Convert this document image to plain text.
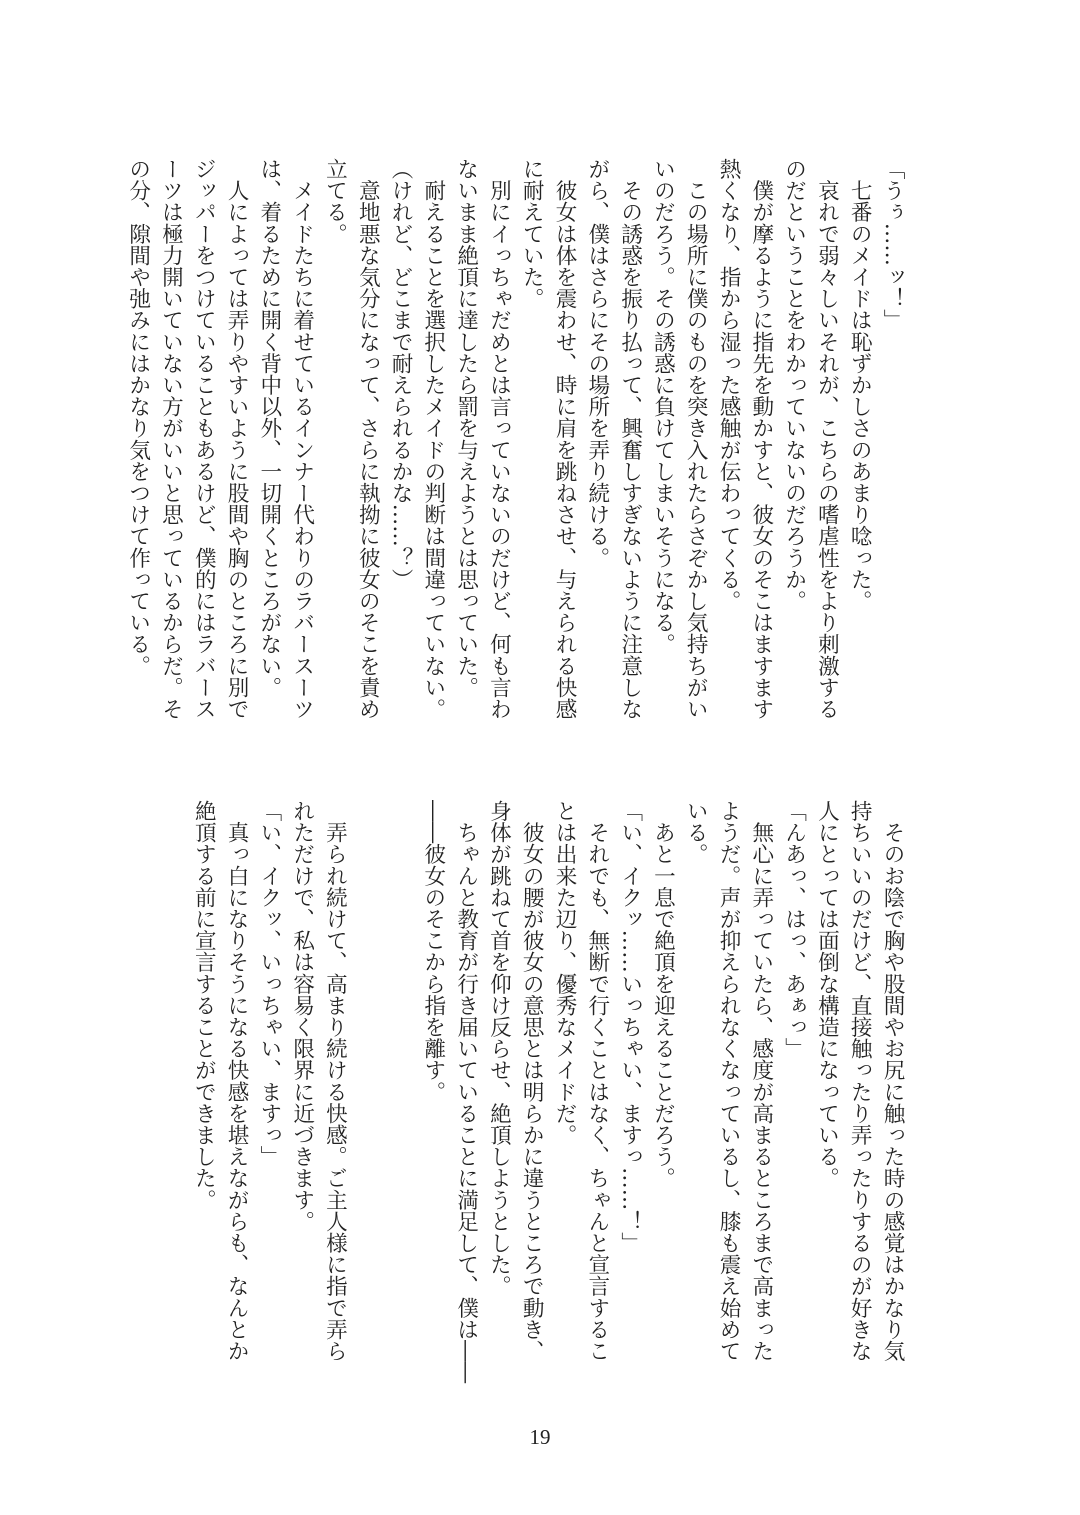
「うぅ……ッ！」

　七番のメイドは恥ずかしさのあまり唸った。

　哀れで弱々しいそれが、こちらの嗜虐性をより刺激する

のだということをわかっていないのだろうか。

　僕が摩るように指先を動かすと、彼女のそこはますます

熱くなり、指から湿った感触が伝わってくる。

　この場所に僕のものを突き入れたらさぞかし気持ちがい

いのだろう。その誘惑に負けてしまいそうになる。

　その誘惑を振り払って、興奮しすぎないように注意しな

がら、僕はさらにその場所を弄り続ける。

　彼女は体を震わせ、時に肩を跳ねさせ、与えられる快感

に耐えていた。

　別にイっちゃだめとは言っていないのだけど、何も言わ

ないまま絶頂に達したら罰を与えようとは思っていた。

　耐えることを選択したメイドの判断は間違っていない。

（けれど、どこまで耐えられるかな……？）

　意地悪な気分になって、さらに執拗に彼女のそこを責め

立てる。

　メイドたちに着せているインナー代わりのラバースーツ

は、着るために開く背中以外、一切開くところがない。

　人によっては弄りやすいように股間や胸のところに別で

ジッパーをつけていることもあるけど、僕的にはラバース

ーツは極力開いていない方がいいと思っているからだ。そ

の分、隙間や弛みにはかなり気をつけて作っている。

　そのお陰で胸や股間やお尻に触った時の感覚はかなり気

持ちいいのだけど、直接触ったり弄ったりするのが好きな

人にとっては面倒な構造になっている。

「んあっ、はっ、あぁっ」

　無心に弄っていたら、感度が高まるところまで高まった

ようだ。声が抑えられなくなっているし、膝も震え始めて

いる。

　あと一息で絶頂を迎えることだろう。

「い、イクッ……いっちゃい、ますっ……！」

　それでも、無断で行くことはなく、ちゃんと宣言するこ

とは出来た辺り、優秀なメイドだ。

　彼女の腰が彼女の意思とは明らかに違うところで動き、

身体が跳ねて首を仰け反らせ、絶頂しようとした。

　ちゃんと教育が行き届いていることに満足して、僕は――

――彼女のそこから指を離す。

　弄られ続けて、高まり続ける快感。ご主人様に指で弄ら

れただけで、私は容易く限界に近づきます。

「い、イクッ、いっちゃい、ますっ」

　真っ白になりそうになる快感を堪えながらも、なんとか

絶頂する前に宣言することができました。

19
